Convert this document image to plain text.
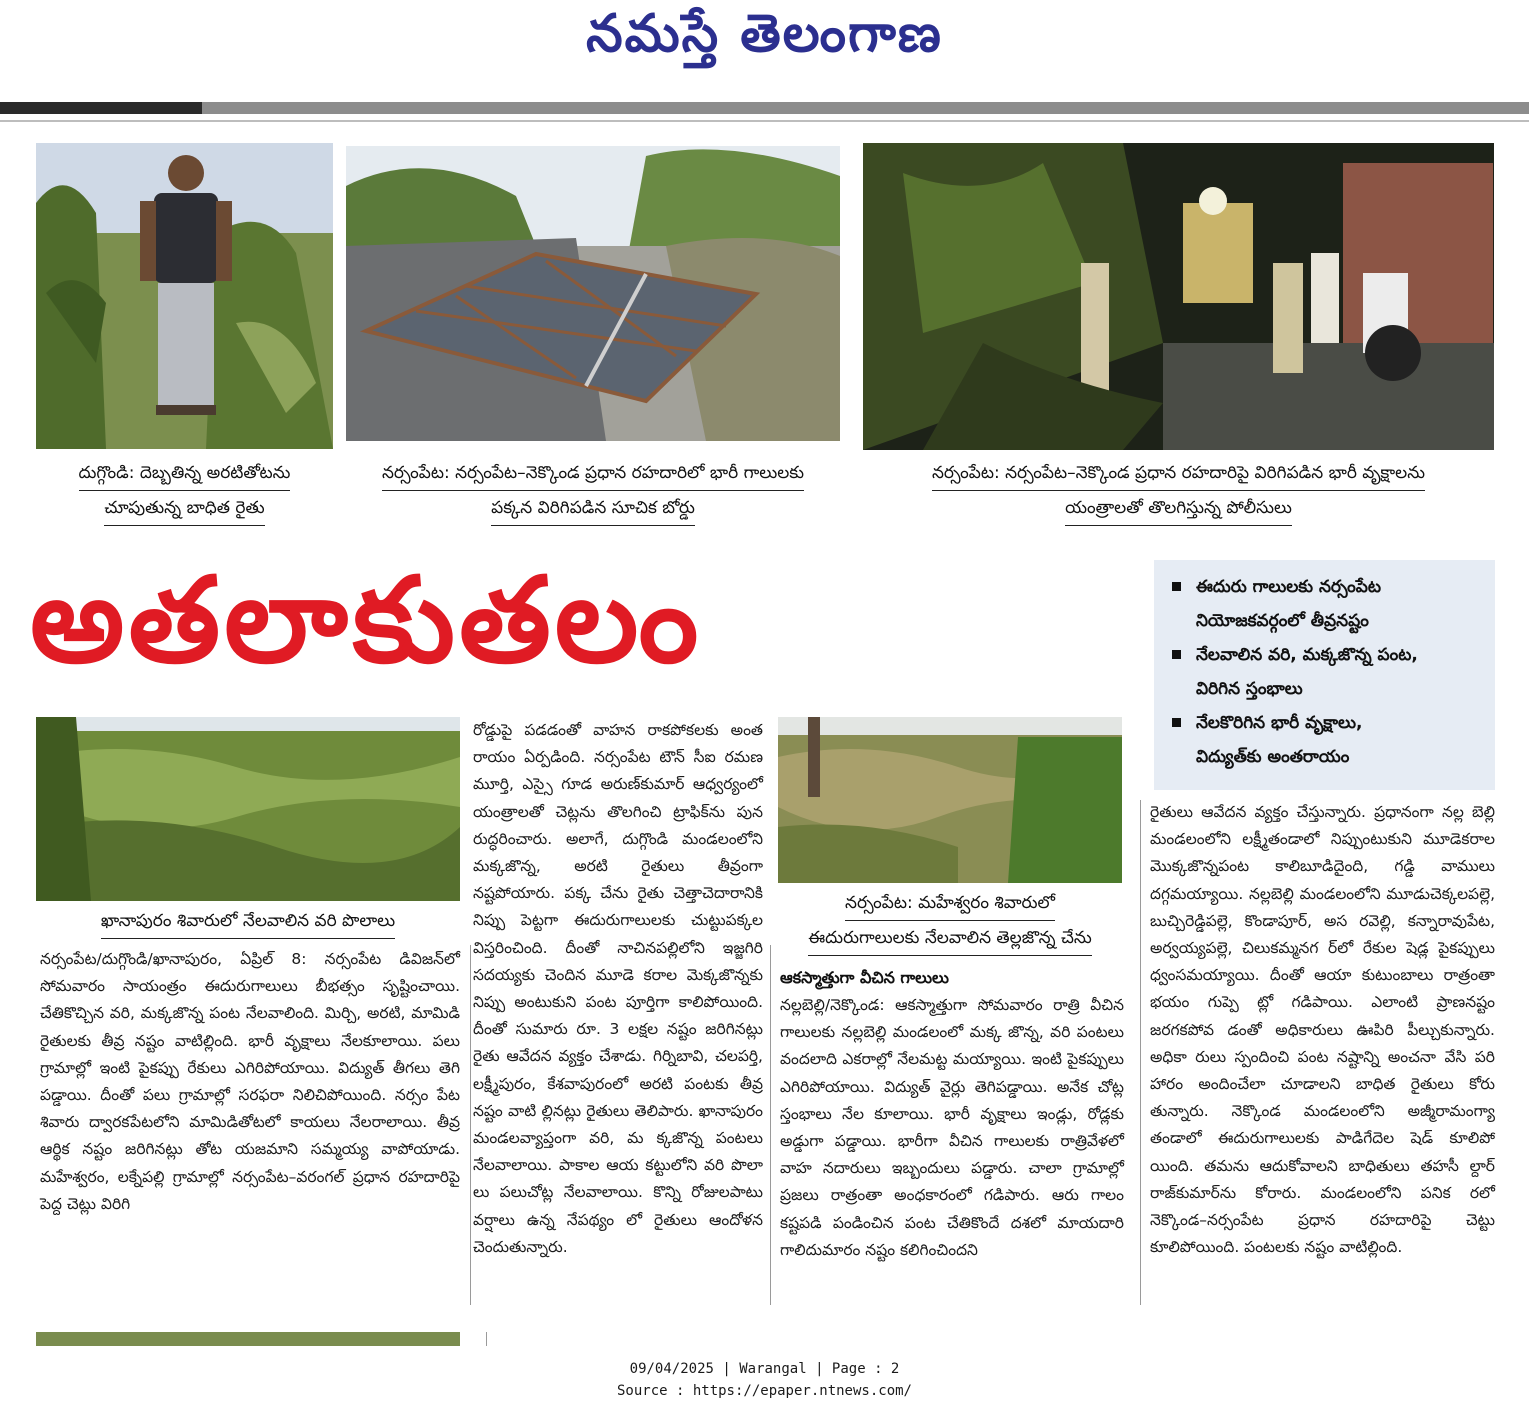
నమస్తే తెలంగాణ
దుగ్గొండి: దెబ్బతిన్న అరటితోటను
చూపుతున్న బాధిత రైతు
నర్సంపేట: నర్సంపేట–నెక్కొండ ప్రధాన రహదారిలో భారీ గాలులకు
పక్కన విరిగిపడిన సూచిక బోర్డు
నర్సంపేట: నర్సంపేట–నెక్కొండ ప్రధాన రహదారిపై విరిగిపడిన భారీ వృక్షాలను
యంత్రాలతో తొలగిస్తున్న పోలీసులు
అతలాకుతలం	ఈదురు గాలులకు నర్సంపేట
నియోజకవర్గంలో తీవ్రనష్టం
నేలవాలిన వరి, మక్కజొన్న పంట,
విరిగిన స్తంభాలు
నేలకొరిగిన భారీ వృక్షాలు,
విద్యుత్‌కు అంతరాయం
ఖానాపురం శివారులో నేలవాలిన వరి పొలాలు
నర్సంపేట: మహేశ్వరం శివారులో
ఈదురుగాలులకు నేలవాలిన తెల్లజొన్న చేను

నర్సంపేట/దుగ్గొండి/ఖానాపురం, ఏప్రిల్ 8: నర్సంపేట డివిజన్‌లో సోమవారం సాయంత్రం ఈదురుగాలులు బీభత్సం సృష్టించాయి. చేతికొచ్చిన వరి, మక్కజొన్న పంట నేలవాలింది. మిర్చి, అరటి, మామిడి రైతులకు తీవ్ర నష్టం వాటిల్లింది. భారీ వృక్షాలు నేలకూలాయి. పలు గ్రామాల్లో ఇంటి పైకప్పు రేకులు ఎగిరిపోయాయి. విద్యుత్ తీగలు తెగి పడ్డాయి. దీంతో పలు గ్రామాల్లో సరఫరా నిలిచిపోయింది. నర్సం పేట శివారు ద్వారకపేటలోని మామిడితోటలో కాయలు నేలరాలాయి. తీవ్ర ఆర్థిక నష్టం జరిగినట్లు తోట యజమాని సమ్మయ్య వాపోయాడు. మహేశ్వరం, లక్నేపల్లి గ్రామాల్లో నర్సంపేట–వరంగల్ ప్రధాన రహదారిపై పెద్ద చెట్లు విరిగి

రోడ్డుపై పడడంతో వాహన రాకపోకలకు అంత రాయం ఏర్పడింది. నర్సంపేట టౌన్ సీఐ రమణ మూర్తి, ఎస్సై గూడ అరుణ్‌కుమార్ ఆధ్వర్యంలో యంత్రాలతో చెట్లను తొలగించి ట్రాఫిక్‌ను పున రుద్ధరించారు. అలాగే, దుగ్గొండి మండలంలోని మక్కజొన్న, అరటి రైతులు తీవ్రంగా నష్టపోయారు. పక్క చేను రైతు చెత్తాచెదారానికి నిప్పు పెట్టగా ఈదురుగాలులకు చుట్టుపక్కల విస్తరించింది. దీంతో నాచినపల్లిలోని ఇజ్జగిరి సదయ్యకు చెందిన మూడె కరాల మెక్కజొన్నకు నిప్పు అంటుకుని పంట పూర్తిగా కాలిపోయింది. దీంతో సుమారు రూ. 3 లక్షల నష్టం జరిగినట్లు రైతు ఆవేదన వ్యక్తం చేశాడు. గిర్నిబావి, చలపర్తి, లక్ష్మీపురం, కేశవాపురంలో అరటి పంటకు తీవ్ర నష్టం వాటి ల్లినట్లు రైతులు తెలిపారు. ఖానాపురం మండలవ్యాప్తంగా వరి, మ క్కజొన్న పంటలు నేలవాలాయి. పాకాల ఆయ కట్టులోని వరి పొలా లు పలుచోట్ల నేలవాలాయి. కొన్ని రోజులపాటు వర్షాలు ఉన్న నేపథ్యం లో రైతులు ఆందోళన చెందుతున్నారు.

ఆకస్మాత్తుగా వీచిన గాలులు

నల్లబెల్లి/నెక్కొండ: ఆకస్మాత్తుగా సోమవారం రాత్రి వీచిన గాలులకు నల్లబెల్లి మండలంలో మక్క జొన్న, వరి పంటలు వందలాది ఎకరాల్లో నేలమట్ట మయ్యాయి. ఇంటి పైకప్పులు ఎగిరిపోయాయి. విద్యుత్ వైర్లు తెగిపడ్డాయి. అనేక చోట్ల స్తంభాలు నేల కూలాయి. భారీ వృక్షాలు ఇండ్లు, రోడ్లకు అడ్డుగా పడ్డాయి. భారీగా వీచిన గాలులకు రాత్రివేళలో వాహ నదారులు ఇబ్బందులు పడ్డారు. చాలా గ్రామాల్లో ప్రజలు రాత్రంతా అంధకారంలో గడిపారు. ఆరు గాలం కష్టపడి పండించిన పంట చేతికొందే దశలో మాయదారి గాలిదుమారం నష్టం కలిగించిందని

రైతులు ఆవేదన వ్యక్తం చేస్తున్నారు. ప్రధానంగా నల్ల బెల్లి మండలంలోని లక్ష్మీతండాలో నిప్పుంటుకుని మూడెకరాల మొక్కజొన్నపంట కాలిబూడిదైంది, గడ్డి వాములు దగ్గమయ్యాయి. నల్లబెల్లి మండలంలోని మూడుచెక్కలపల్లె, బుచ్చిరెడ్డిపల్లె, కొండాపూర్, అస రవెల్లి, కన్నారావుపేట, అర్వయ్యపల్లె, చిలుకమ్మనగ ర్‌లో రేకుల షెడ్ల పైకప్పులు ధ్వంసమయ్యాయి. దీంతో ఆయా కుటుంబాలు రాత్రంతా భయం గుప్పె ట్లో గడిపాయి. ఎలాంటి ప్రాణనష్టం జరగకపోవ డంతో అధికారులు ఊపిరి పీల్చుకున్నారు. అధికా రులు స్పందించి పంట నష్టాన్ని అంచనా వేసి పరి హారం అందించేలా చూడాలని బాధిత రైతులు కోరు తున్నారు. నెక్కొండ మండలంలోని అజ్మీరామంగ్యా తండాలో ఈదురుగాలులకు పాడిగేదెల షెడ్ కూలిపో యింది. తమను ఆదుకోవాలని బాధితులు తహసీ ల్దార్ రాజ్‌కుమార్‌ను కోరారు. మండలంలోని పనిక రలో నెక్కొండ–నర్సంపేట ప్రధాన రహదారిపై చెట్టు కూలిపోయింది. పంటలకు నష్టం వాటిల్లింది.

09/04/2025 | Warangal | Page : 2
Source : https://epaper.ntnews.com/
